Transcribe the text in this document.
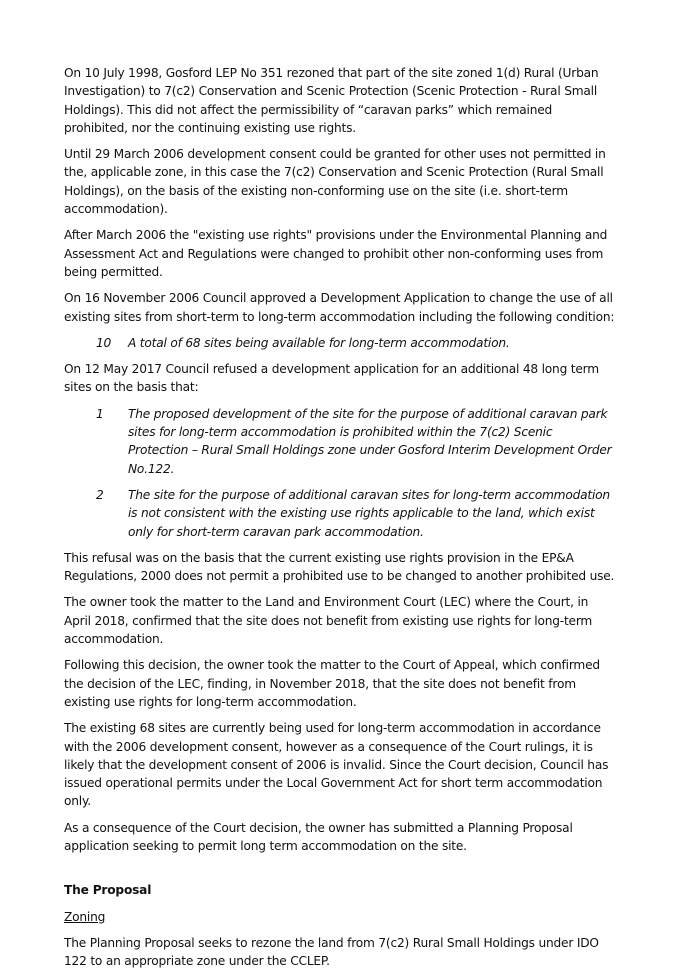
On 10 July 1998, Gosford LEP No 351 rezoned that part of the site zoned 1(d) Rural (Urban Investigation) to 7(c2) Conservation and Scenic Protection (Scenic Protection - Rural Small Holdings). This did not affect the permissibility of “caravan parks” which remained prohibited, nor the continuing existing use rights.

Until 29 March 2006 development consent could be granted for other uses not permitted in the, applicable zone, in this case the 7(c2) Conservation and Scenic Protection (Rural Small Holdings), on the basis of the existing non-conforming use on the site (i.e. short-term accommodation).

After March 2006 the "existing use rights" provisions under the Environmental Planning and Assessment Act and Regulations were changed to prohibit other non-conforming uses from being permitted.

On 16 November 2006 Council approved a Development Application to change the use of all existing sites from short-term to long-term accommodation including the following condition:

10	A total of 68 sites being available for long-term accommodation.

On 12 May 2017 Council refused a development application for an additional 48 long term sites on the basis that:

1	The proposed development of the site for the purpose of additional caravan park sites for long-term accommodation is prohibited within the 7(c2) Scenic Protection – Rural Small Holdings zone under Gosford Interim Development Order No.122.
2	The site for the purpose of additional caravan sites for long-term accommodation is not consistent with the existing use rights applicable to the land, which exist only for short-term caravan park accommodation.

This refusal was on the basis that the current existing use rights provision in the EP&A Regulations, 2000 does not permit a prohibited use to be changed to another prohibited use.

The owner took the matter to the Land and Environment Court (LEC) where the Court, in April 2018, confirmed that the site does not benefit from existing use rights for long-term accommodation.

Following this decision, the owner took the matter to the Court of Appeal, which confirmed the decision of the LEC, finding, in November 2018, that the site does not benefit from existing use rights for long-term accommodation.

The existing 68 sites are currently being used for long-term accommodation in accordance with the 2006 development consent, however as a consequence of the Court rulings, it is likely that the development consent of 2006 is invalid. Since the Court decision, Council has issued operational permits under the Local Government Act for short term accommodation only.

As a consequence of the Court decision, the owner has submitted a Planning Proposal application seeking to permit long term accommodation on the site.

The Proposal
Zoning

The Planning Proposal seeks to rezone the land from 7(c2) Rural Small Holdings under IDO 122 to an appropriate zone under the CCLEP.
